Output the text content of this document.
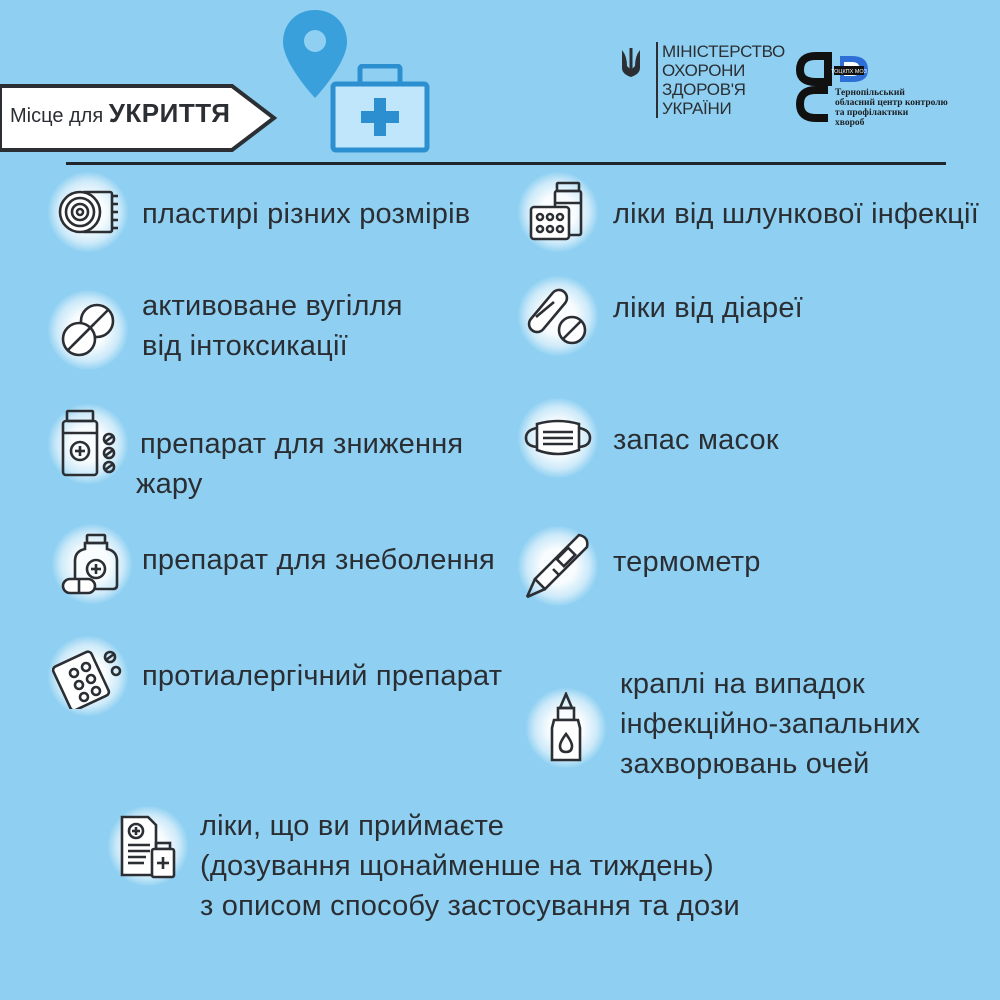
Місце для УКРИТТЯ
МІНІСТЕРСТВО
ОХОРОНИ
ЗДОРОВ'Я
УКРАЇНИ
ТОЦКПХ МОЗ
Тернопільський
обласний центр контролю
та профілактики
хвороб
пластирі різних розмірів	ліки від шлункової інфекції
активоване вугілля
від інтоксикації
ліки від діареї
препарат для зниження
жару
запас масок
препарат для знеболення	термометр
протиалергічний препарат	краплі на випадок
інфекційно-запальних
захворювань очей
ліки, що ви приймаєте
(дозування щонайменше на тиждень)
з описом способу застосування та дози
